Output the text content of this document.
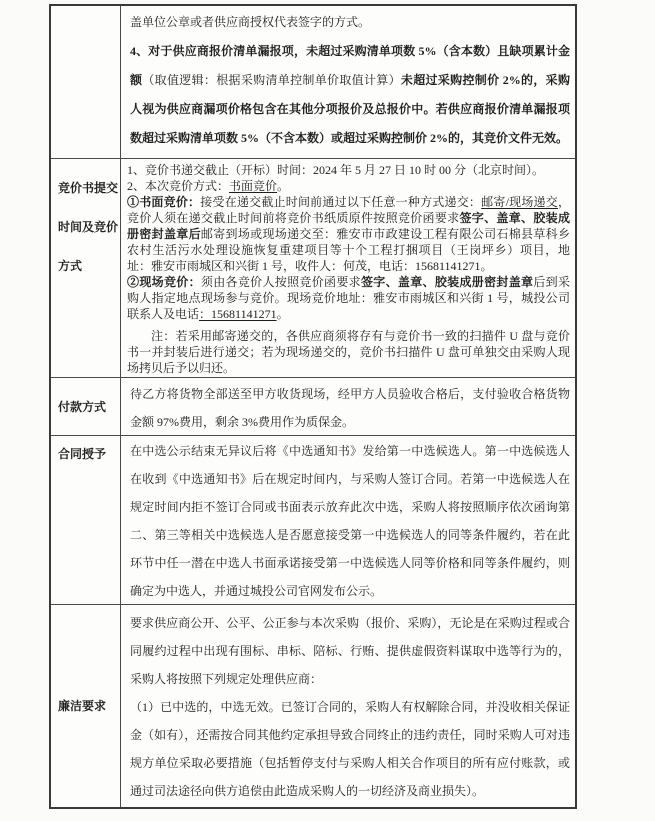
盖单位公章或者供应商授权代表签字的方式。
4、对于供应商报价清单漏报项，未超过采购清单项数 5%（含本数）且缺项累计金额（取值逻辑：根据采购清单控制单价取值计算）未超过采购控制价 2%的，采购人视为供应商漏项价格包含在其他分项报价及总报价中。若供应商报价清单漏报项数超过采购清单项数 5%（不含本数）或超过采购控制价 2%的，其竞价文件无效。
竞价书提交
时间及竞价
方式
1、竞价书递交截止（开标）时间：2024 年 5 月 27 日 10 时 00 分（北京时间）。
2、本次竞价方式：书面竞价。
①书面竞价：接受在递交截止时间前通过以下任意一种方式递交：邮寄/现场递交，竞价人须在递交截止时间前将竞价书纸质原件按照竞价函要求签字、盖章、胶装成册密封盖章后邮寄到场或现场递交至：雅安市市政建设工程有限公司石棉县草科乡农村生活污水处理设施恢复重建项目等十个工程打捆项目（王岗坪乡）项目，地址：雅安市雨城区和兴街 1 号，收件人：何茂，电话：15681141271。
②现场竞价：须由各竞价人按照竞价函要求签字、盖章、胶装成册密封盖章后到采购人指定地点现场参与竞价。现场竞价地址：雅安市雨城区和兴街 1 号，城投公司联系人及电话：15681141271。
注：若采用邮寄递交的，各供应商须将存有与竞价书一致的扫描件 U 盘与竞价书一并封装后进行递交；若为现场递交的，竞价书扫描件 U 盘可单独交由采购人现场拷贝后予以归还。
付款方式
待乙方将货物全部送至甲方收货现场，经甲方人员验收合格后，支付验收合格货物金额 97%费用，剩余 3%费用作为质保金。
合同授予	在中选公示结束无异议后将《中选通知书》发给第一中选候选人。第一中选候选人在收到《中选通知书》后在规定时间内，与采购人签订合同。若第一中选候选人在规定时间内拒不签订合同或书面表示放弃此次中选，采购人将按照顺序依次函询第二、第三等相关中选候选人是否愿意接受第一中选候选人的同等条件履约，若在此环节中任一潜在中选人书面承诺接受第一中选候选人同等价格和同等条件履约，则确定为中选人，并通过城投公司官网发布公示。
廉洁要求
要求供应商公开、公平、公正参与本次采购（报价、采购），无论是在采购过程或合同履约过程中出现有围标、串标、陪标、行贿、提供虚假资料谋取中选等行为的，采购人将按照下列规定处理供应商：
（1）已中选的，中选无效。已签订合同的，采购人有权解除合同，并没收相关保证金（如有），还需按合同其他约定承担导致合同终止的违约责任，同时采购人可对违规方单位采取必要措施（包括暂停支付与采购人相关合作项目的所有应付账款，或通过司法途径向供方追偿由此造成采购人的一切经济及商业损失）。
